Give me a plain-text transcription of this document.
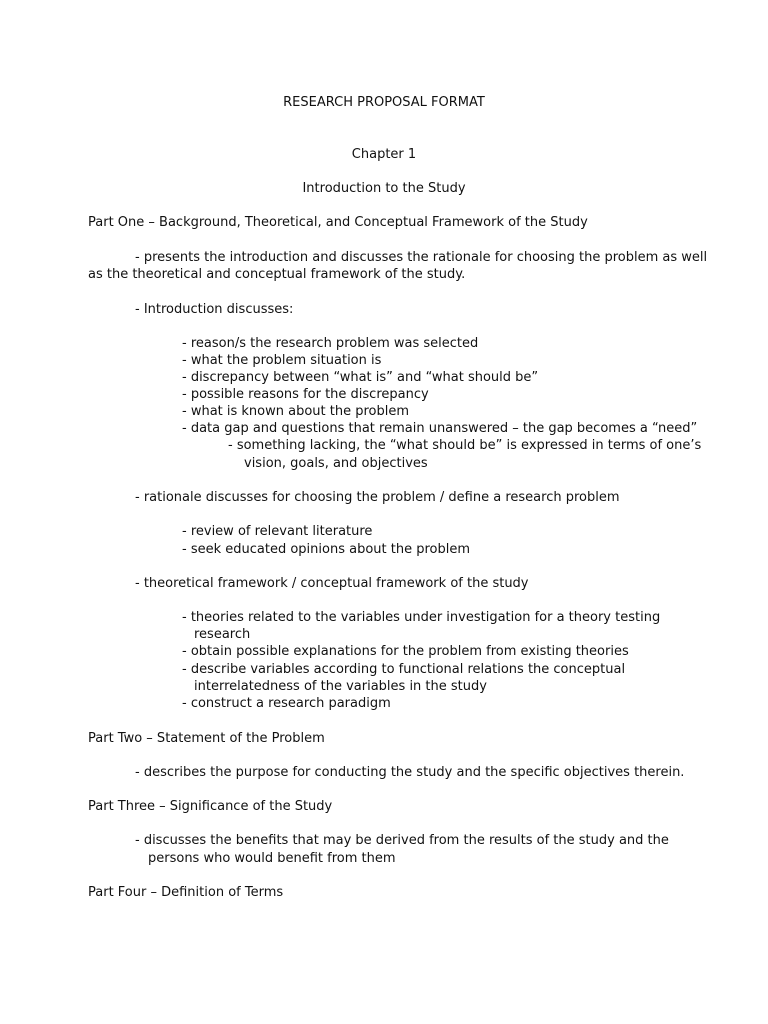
RESEARCH PROPOSAL FORMAT

Chapter 1

Introduction to the Study

Part One – Background, Theoretical, and Conceptual Framework of the Study

- presents the introduction and discusses the rationale for choosing the problem as well

as the theoretical and conceptual framework of the study.

- Introduction discusses:

- reason/s the research problem was selected

- what the problem situation is

- discrepancy between “what is” and “what should be”

- possible reasons for the discrepancy

- what is known about the problem

- data gap and questions that remain unanswered – the gap becomes a “need”

- something lacking, the “what should be” is expressed in terms of one’s

vision, goals, and objectives

- rationale discusses for choosing the problem / define a research problem

- review of relevant literature

- seek educated opinions about the problem

- theoretical framework / conceptual framework of the study

- theories related to the variables under investigation for a theory testing

research

- obtain possible explanations for the problem from existing theories

- describe variables according to functional relations the conceptual

interrelatedness of the variables in the study

- construct a research paradigm

Part Two – Statement of the Problem

- describes the purpose for conducting the study and the specific objectives therein.

Part Three – Significance of the Study

- discusses the benefits that may be derived from the results of the study and the

persons who would benefit from them

Part Four – Definition of Terms
